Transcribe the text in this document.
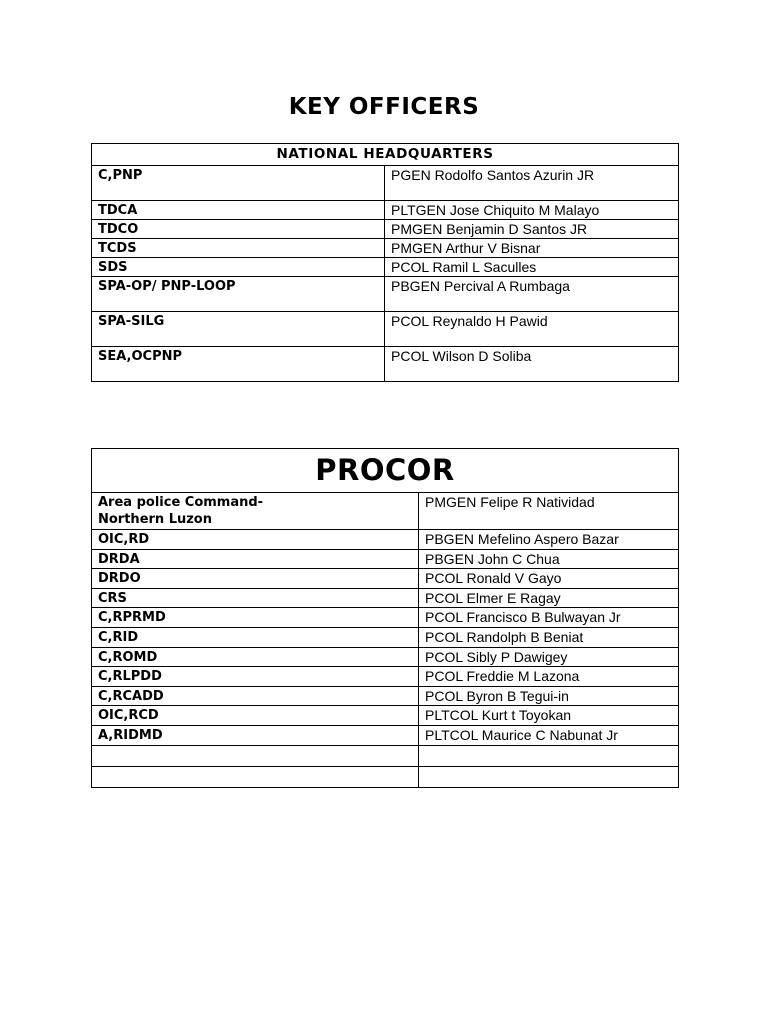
KEY OFFICERS
NATIONAL HEADQUARTERS	
C,PNP	PGEN Rodolfo Santos Azurin JR
TDCA	PLTGEN Jose Chiquito M Malayo
TDCO	PMGEN Benjamin D Santos JR
TCDS	PMGEN Arthur V Bisnar
SDS	PCOL Ramil L Saculles
SPA-OP/ PNP-LOOP	PBGEN Percival A Rumbaga
SPA-SILG	PCOL Reynaldo H Pawid
SEA,OCPNP	PCOL Wilson D Soliba
PROCOR	

Area police Command-
Northern Luzon	PMGEN Felipe R Natividad
OIC,RD	PBGEN Mefelino Aspero Bazar
DRDA	PBGEN John C Chua
DRDO	PCOL Ronald V Gayo
CRS	PCOL Elmer E Ragay
C,RPRMD	PCOL Francisco B Bulwayan Jr
C,RID	PCOL Randolph B Beniat
C,ROMD	PCOL Sibly P Dawigey
C,RLPDD	PCOL Freddie M Lazona
C,RCADD	PCOL Byron B Tegui-in
OIC,RCD	PLTCOL Kurt t Toyokan
A,RIDMD	PLTCOL Maurice C Nabunat Jr
